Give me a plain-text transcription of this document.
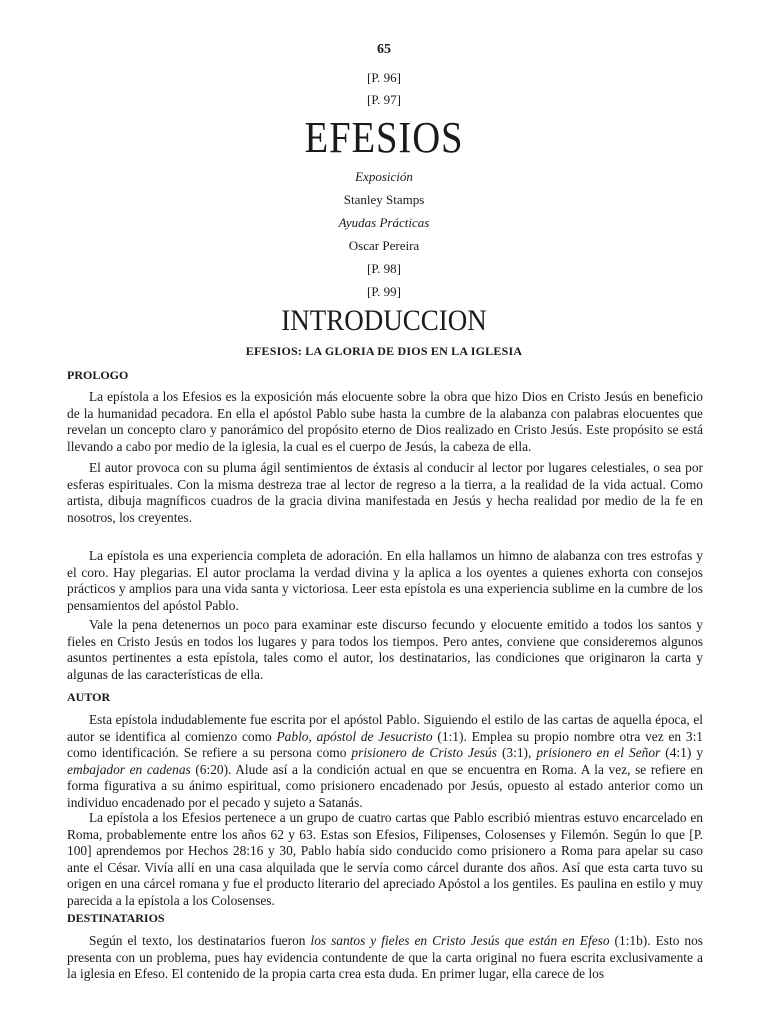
65
[P. 96]
[P. 97]
EFESIOS
Exposición
Stanley Stamps
Ayudas Prácticas
Oscar Pereira
[P. 98]
[P. 99]
INTRODUCCION
EFESIOS: LA GLORIA DE DIOS EN LA IGLESIA
PROLOGO

La epístola a los Efesios es la exposición más elocuente sobre la obra que hizo Dios en Cristo Jesús en beneficio de la humanidad pecadora. En ella el apóstol Pablo sube hasta la cumbre de la alabanza con palabras elocuentes que revelan un concepto claro y panorámico del propósito eterno de Dios realizado en Cristo Jesús. Este propósito se está llevando a cabo por medio de la iglesia, la cual es el cuerpo de Jesús, la cabeza de ella.

El autor provoca con su pluma ágil sentimientos de éxtasis al conducir al lector por lugares celestiales, o sea por esferas espirituales. Con la misma destreza trae al lector de regreso a la tierra, a la realidad de la vida actual. Como artista, dibuja magníficos cuadros de la gracia divina manifestada en Jesús y hecha realidad por medio de la fe en nosotros, los creyentes.

La epístola es una experiencia completa de adoración. En ella hallamos un himno de alabanza con tres estrofas y el coro. Hay plegarias. El autor proclama la verdad divina y la aplica a los oyentes a quienes exhorta con consejos prácticos y amplios para una vida santa y victoriosa. Leer esta epístola es una experiencia sublime en la cumbre de los pensamientos del apóstol Pablo.

Vale la pena detenernos un poco para examinar este discurso fecundo y elocuente emitido a todos los santos y fieles en Cristo Jesús en todos los lugares y para todos los tiempos. Pero antes, conviene que consideremos algunos asuntos pertinentes a esta epístola, tales como el autor, los destinatarios, las condiciones que originaron la carta y algunas de las características de ella.

AUTOR

Esta epístola indudablemente fue escrita por el apóstol Pablo. Siguiendo el estilo de las cartas de aquella época, el autor se identifica al comienzo como Pablo, apóstol de Jesucristo (1:1). Emplea su propio nombre otra vez en 3:1 como identificación. Se refiere a su persona como prisionero de Cristo Jesús (3:1), prisionero en el Señor (4:1) y embajador en cadenas (6:20). Alude así a la condición actual en que se encuentra en Roma. A la vez, se refiere en forma figurativa a su ánimo espiritual, como prisionero encadenado por Jesús, opuesto al estado anterior como un individuo encadenado por el pecado y sujeto a Satanás.

La epístola a los Efesios pertenece a un grupo de cuatro cartas que Pablo escribió mientras estuvo encarcelado en Roma, probablemente entre los años 62 y 63. Estas son Efesios, Filipenses, Colosenses y Filemón. Según lo que [P. 100] aprendemos por Hechos 28:16 y 30, Pablo había sido conducido como prisionero a Roma para apelar su caso ante el César. Vivía allí en una casa alquilada que le servía como cárcel durante dos años. Así que esta carta tuvo su origen en una cárcel romana y fue el producto literario del apreciado Apóstol a los gentiles. Es paulina en estilo y muy parecida a la epístola a los Colosenses.

DESTINATARIOS

Según el texto, los destinatarios fueron los santos y fieles en Cristo Jesús que están en Efeso (1:1b). Esto nos presenta con un problema, pues hay evidencia contundente de que la carta original no fuera escrita exclusivamente a la iglesia en Efeso. El contenido de la propia carta crea esta duda. En primer lugar, ella carece de los
